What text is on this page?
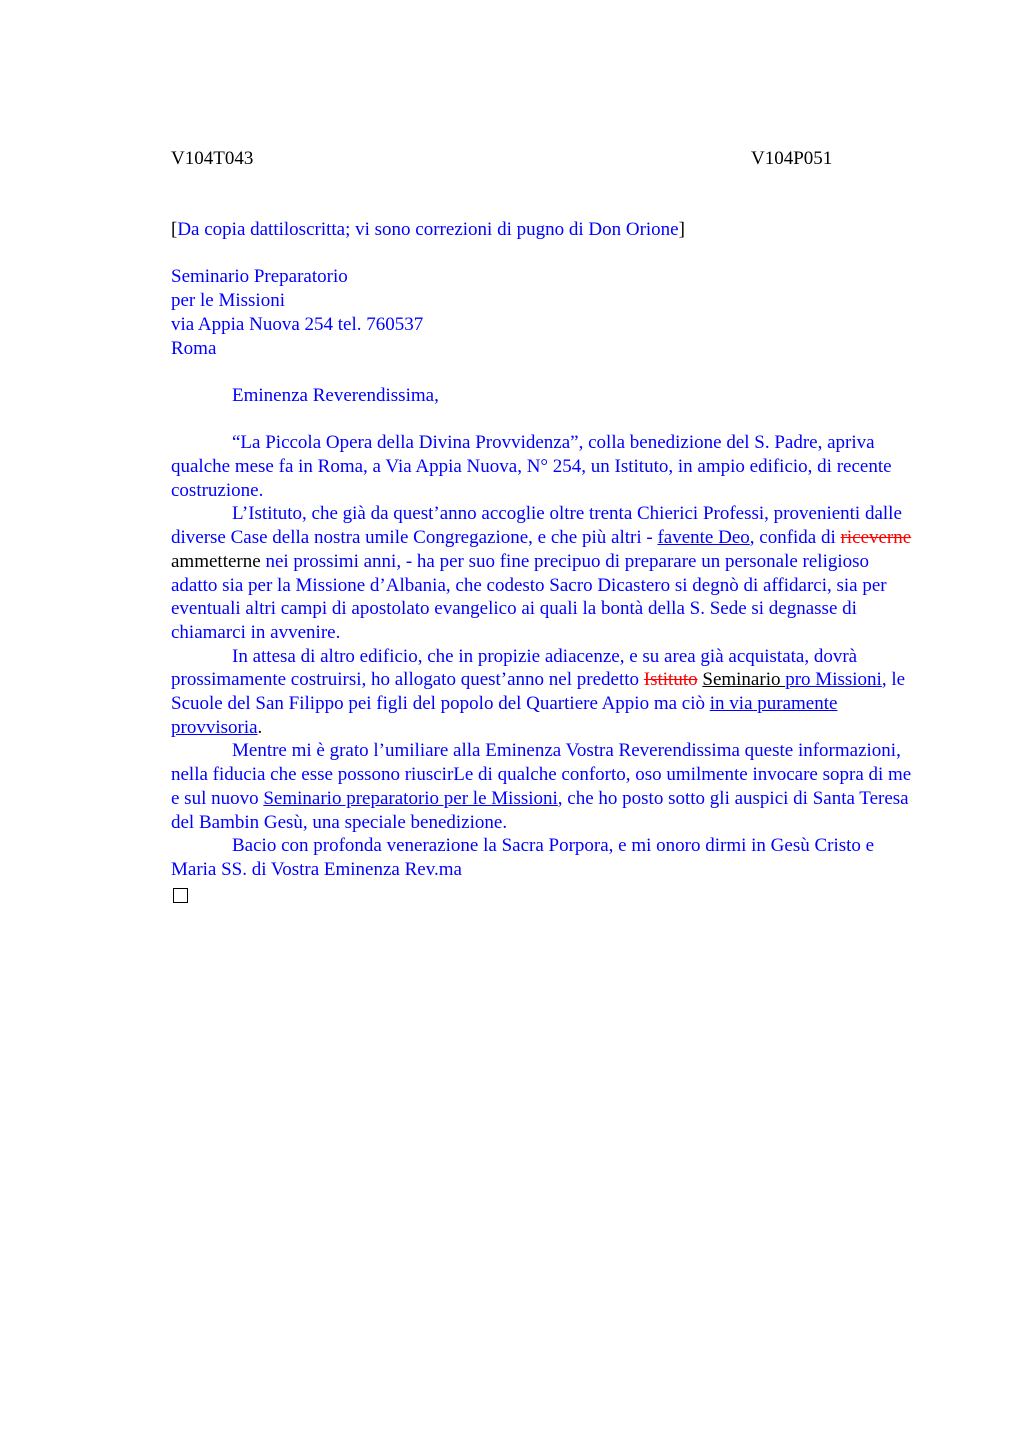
V104T043	V104P051
[Da copia dattiloscritta; vi sono correzioni di pugno di Don Orione]
Seminario Preparatorio
per le Missioni
via Appia Nuova 254 tel. 760537
Roma
Eminenza Reverendissima,

“La Piccola Opera della Divina Provvidenza”, colla benedizione del S. Padre, apriva qualche mese fa in Roma, a Via Appia Nuova, N° 254, un Istituto, in ampio edificio, di recente costruzione.

L’Istituto, che già da quest’anno accoglie oltre trenta Chierici Professi, provenienti dalle diverse Case della nostra umile Congregazione, e che più altri - favente Deo, confida di riceverne ammetterne nei prossimi anni, - ha per suo fine precipuo di preparare un personale religioso adatto sia per la Missione d’Albania, che codesto Sacro Dicastero si degnò di affidarci, sia per eventuali altri campi di apostolato evangelico ai quali la bontà della S. Sede si degnasse di chiamarci in avvenire.

In attesa di altro edificio, che in propizie adiacenze, e su area già acquistata, dovrà prossimamente costruirsi, ho allogato quest’anno nel predetto Istituto Seminario pro Missioni, le Scuole del San Filippo pei figli del popolo del Quartiere Appio ma ciò in via puramente provvisoria.

Mentre mi è grato l’umiliare alla Eminenza Vostra Reverendissima queste informazioni, nella fiducia che esse possono riuscirLe di qualche conforto, oso umilmente invocare sopra di me e sul nuovo Seminario preparatorio per le Missioni, che ho posto sotto gli auspici di Santa Teresa del Bambin Gesù, una speciale benedizione.

Bacio con profonda venerazione la Sacra Porpora, e mi onoro dirmi in Gesù Cristo e Maria SS. di Vostra Eminenza Rev.ma
